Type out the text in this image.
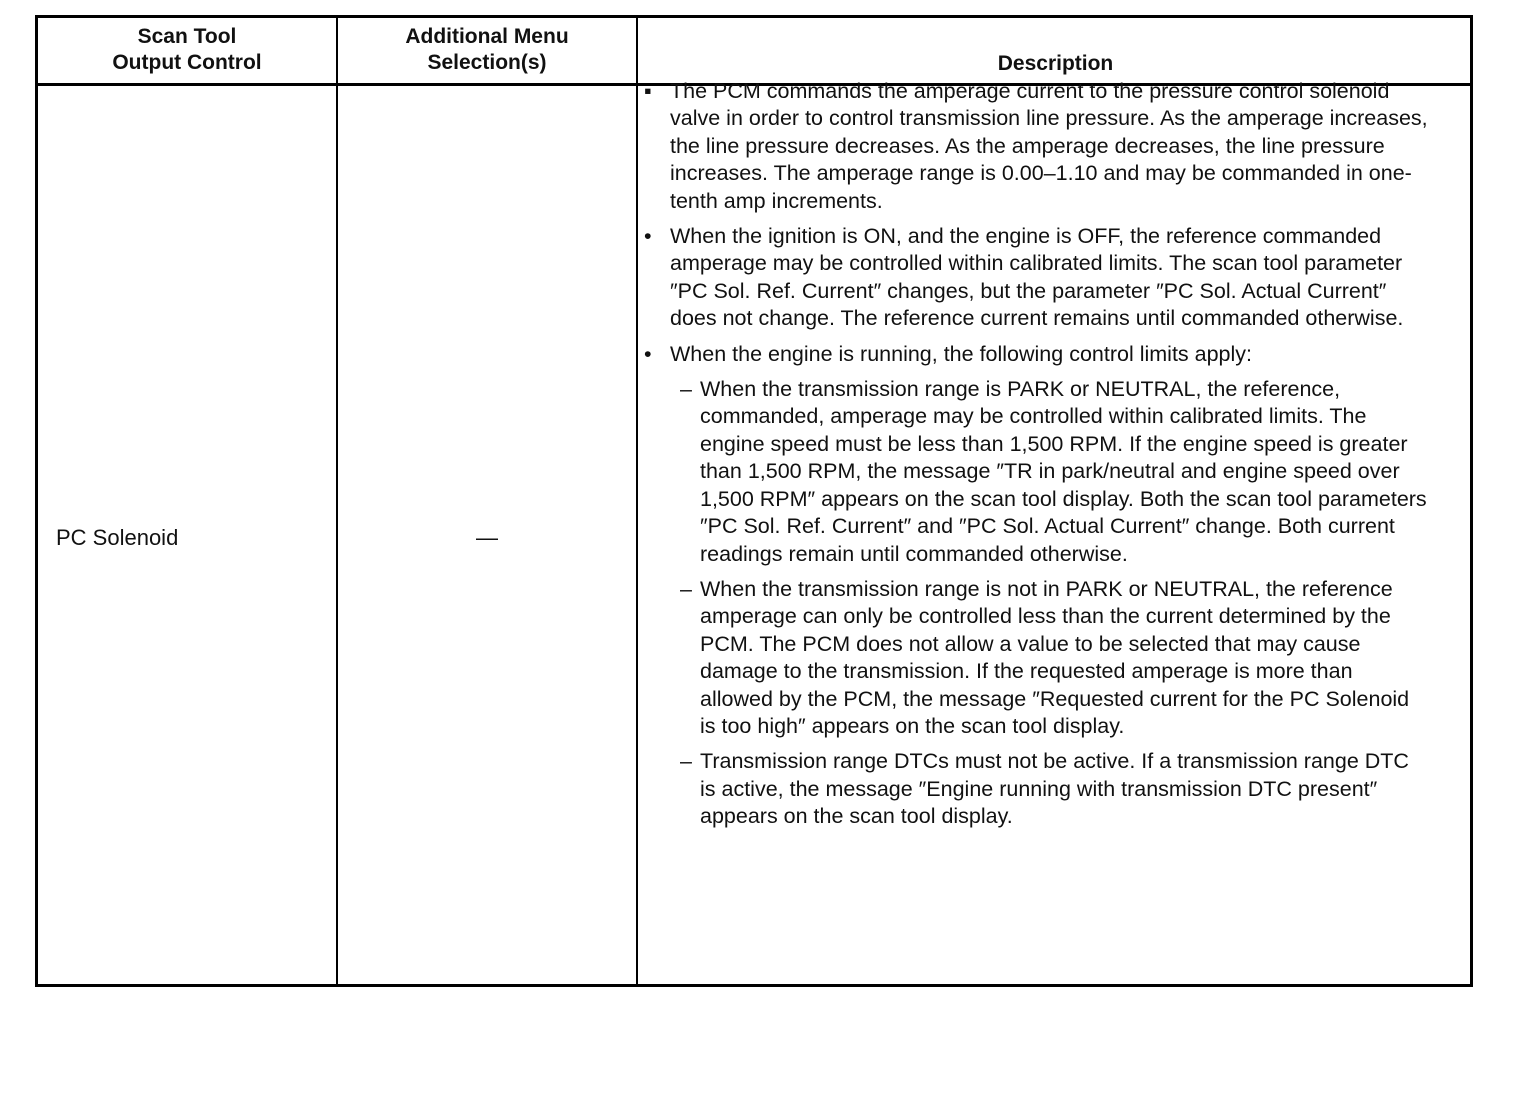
Scan Tool
Output Control
Additional Menu
Selection(s)	Description
PC Solenoid	—
▪ The PCM commands the amperage current to the pressure control solenoid valve in order to control transmission line pressure. As the amperage increases, the line pressure decreases. As the amperage decreases, the line pressure increases. The amperage range is 0.00–1.10 and may be commanded in one-tenth amp increments.
• When the ignition is ON, and the engine is OFF, the reference commanded amperage may be controlled within calibrated limits. The scan tool parameter ″PC Sol. Ref. Current″ changes, but the parameter ″PC Sol. Actual Current″ does not change. The reference current remains until commanded otherwise.
• When the engine is running, the following control limits apply:
– When the transmission range is PARK or NEUTRAL, the reference, commanded, amperage may be controlled within calibrated limits. The engine speed must be less than 1,500 RPM. If the engine speed is greater than 1,500 RPM, the message ″TR in park/neutral and engine speed over 1,500 RPM″ appears on the scan tool display. Both the scan tool parameters ″PC Sol. Ref. Current″ and ″PC Sol. Actual Current″ change. Both current readings remain until commanded otherwise.
– When the transmission range is not in PARK or NEUTRAL, the reference amperage can only be controlled less than the current determined by the PCM. The PCM does not allow a value to be selected that may cause damage to the transmission. If the requested amperage is more than allowed by the PCM, the message ″Requested current for the PC Solenoid is too high″ appears on the scan tool display.
– Transmission range DTCs must not be active. If a transmission range DTC is active, the message ″Engine running with transmission DTC present″ appears on the scan tool display.
